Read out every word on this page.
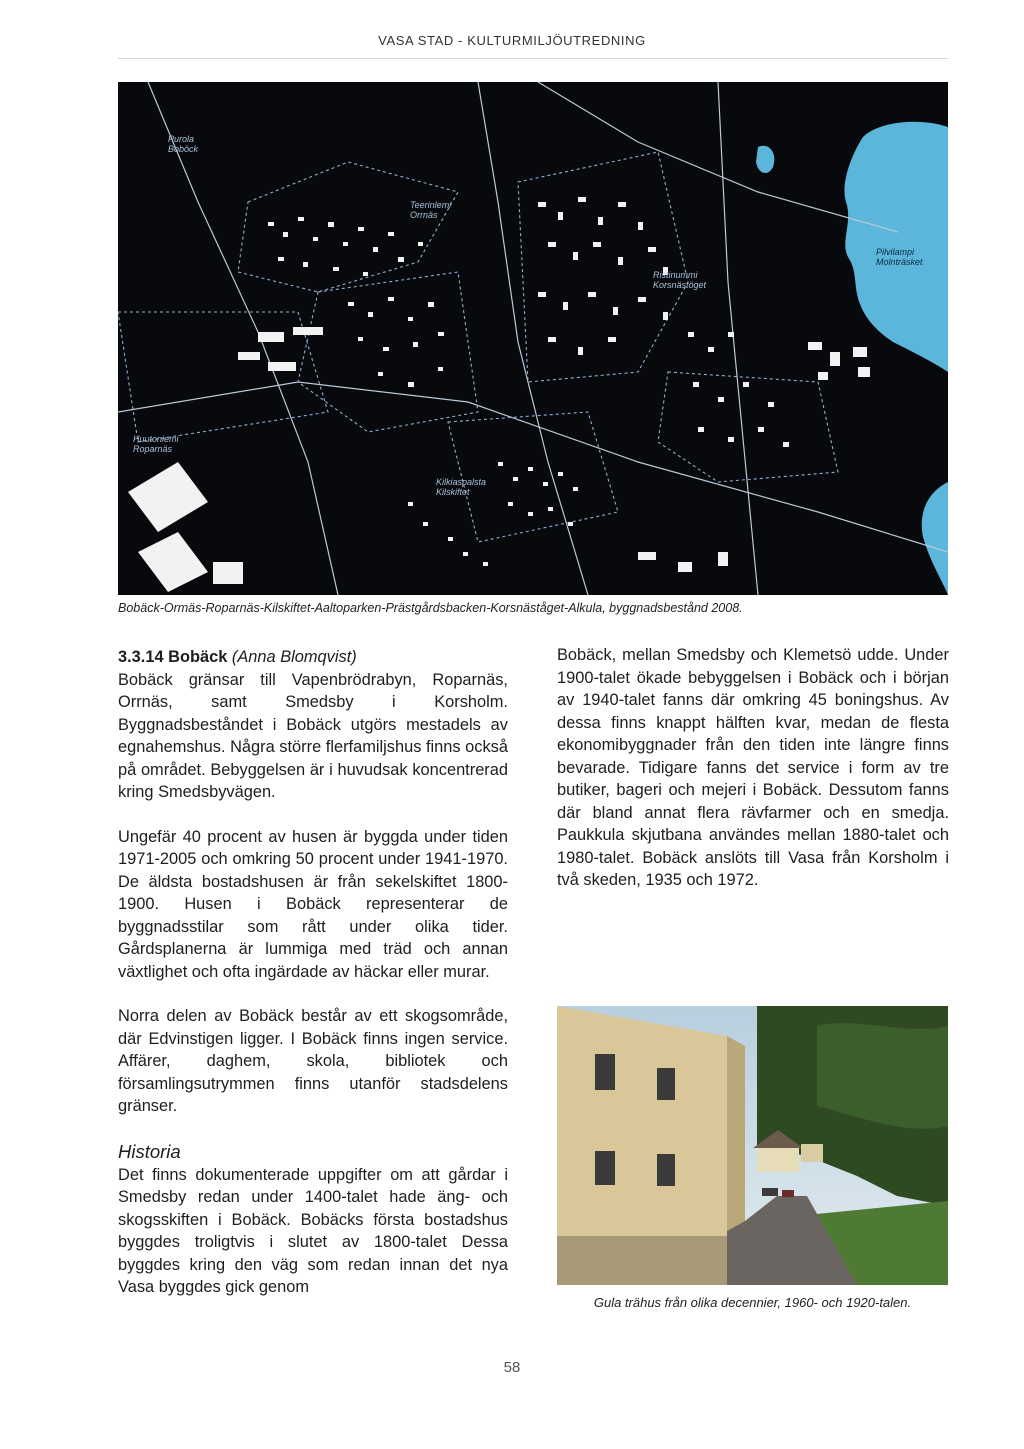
VASA STAD - KULTURMILJÖUTREDNING
Purola
Boböck
Teerinlemi
Orrnäs
Ristinummi
Korsnästöget
Pilvilampi
Molnträsket
Huutoniemi
Roparnäs
Kilkiaspalsta
Kilskiftet
Bobäck-Ormäs-Roparnäs-Kilskiftet-Aaltoparken-Prästgårdsbacken-Korsnäståget-Alkula, byggnadsbestånd 2008.
3.3.14 Bobäck (Anna Blomqvist)

Bobäck gränsar till Vapenbrödrabyn, Roparnäs, Orrnäs, samt Smedsby i Korsholm. Byggnadsbeståndet i Bobäck utgörs mestadels av egnahemshus. Några större flerfamiljshus finns också på området. Bebyggelsen är i huvudsak koncentrerad kring Smedsbyvägen.

Ungefär 40 procent av husen är byggda under tiden 1971-2005 och omkring 50 procent under 1941-1970. De äldsta bostadshusen är från sekelskiftet 1800-1900. Husen i Bobäck representerar de byggnadsstilar som rått under olika tider. Gårdsplanerna är lummiga med träd och annan växtlighet och ofta ingärdade av häckar eller murar.

Norra delen av Bobäck består av ett skogsområde, där Edvinstigen ligger. I Bobäck finns ingen service. Affärer, daghem, skola, bibliotek och församlingsutrymmen finns utanför stadsdelens gränser.

Historia

Det finns dokumenterade uppgifter om att gårdar i Smedsby redan under 1400-talet hade äng- och skogsskiften i Bobäck. Bobäcks första bostadshus byggdes troligtvis i slutet av 1800-talet Dessa byggdes kring den väg som redan innan det nya Vasa byggdes gick genom

Bobäck, mellan Smedsby och Klemetsö udde. Under 1900-talet ökade bebyggelsen i Bobäck och i början av 1940-talet fanns där omkring 45 boningshus. Av dessa finns knappt hälften kvar, medan de flesta ekonomibyggnader från den tiden inte längre finns bevarade. Tidigare fanns det service i form av tre butiker, bageri och mejeri i Bobäck. Dessutom fanns där bland annat flera rävfarmer och en smedja. Paukkula skjutbana användes mellan 1880-talet och 1980-talet. Bobäck anslöts till Vasa från Korsholm i två skeden, 1935 och 1972.

Gula trähus från olika decennier, 1960- och 1920-talen.
58
